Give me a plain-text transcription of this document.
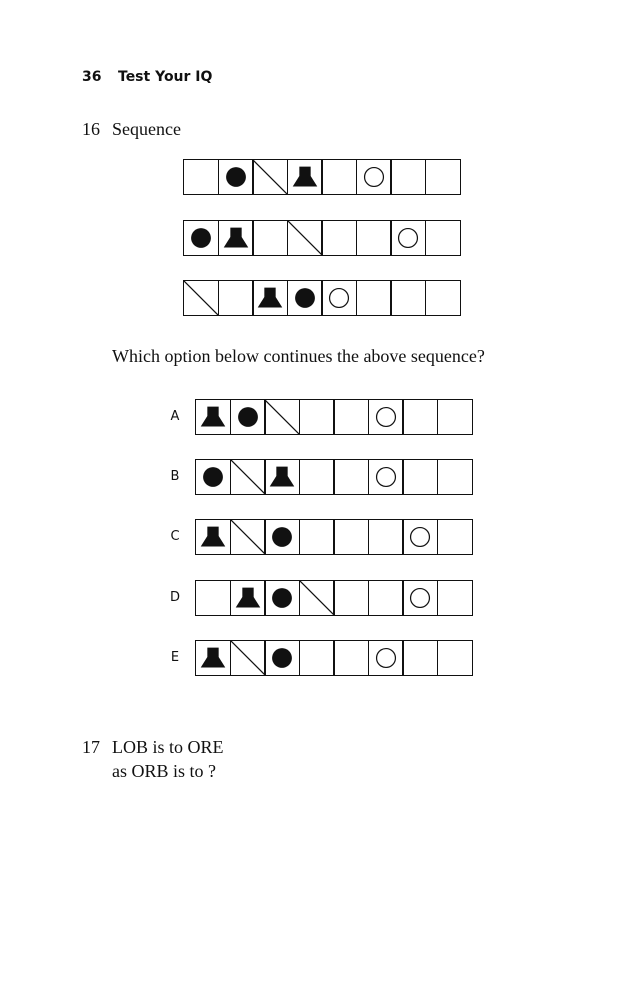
36 Test Your IQ
16 Sequence
Which option below continues the above sequence?
A
B
C
D
E
17 LOB is to ORE
as ORB is to ?
